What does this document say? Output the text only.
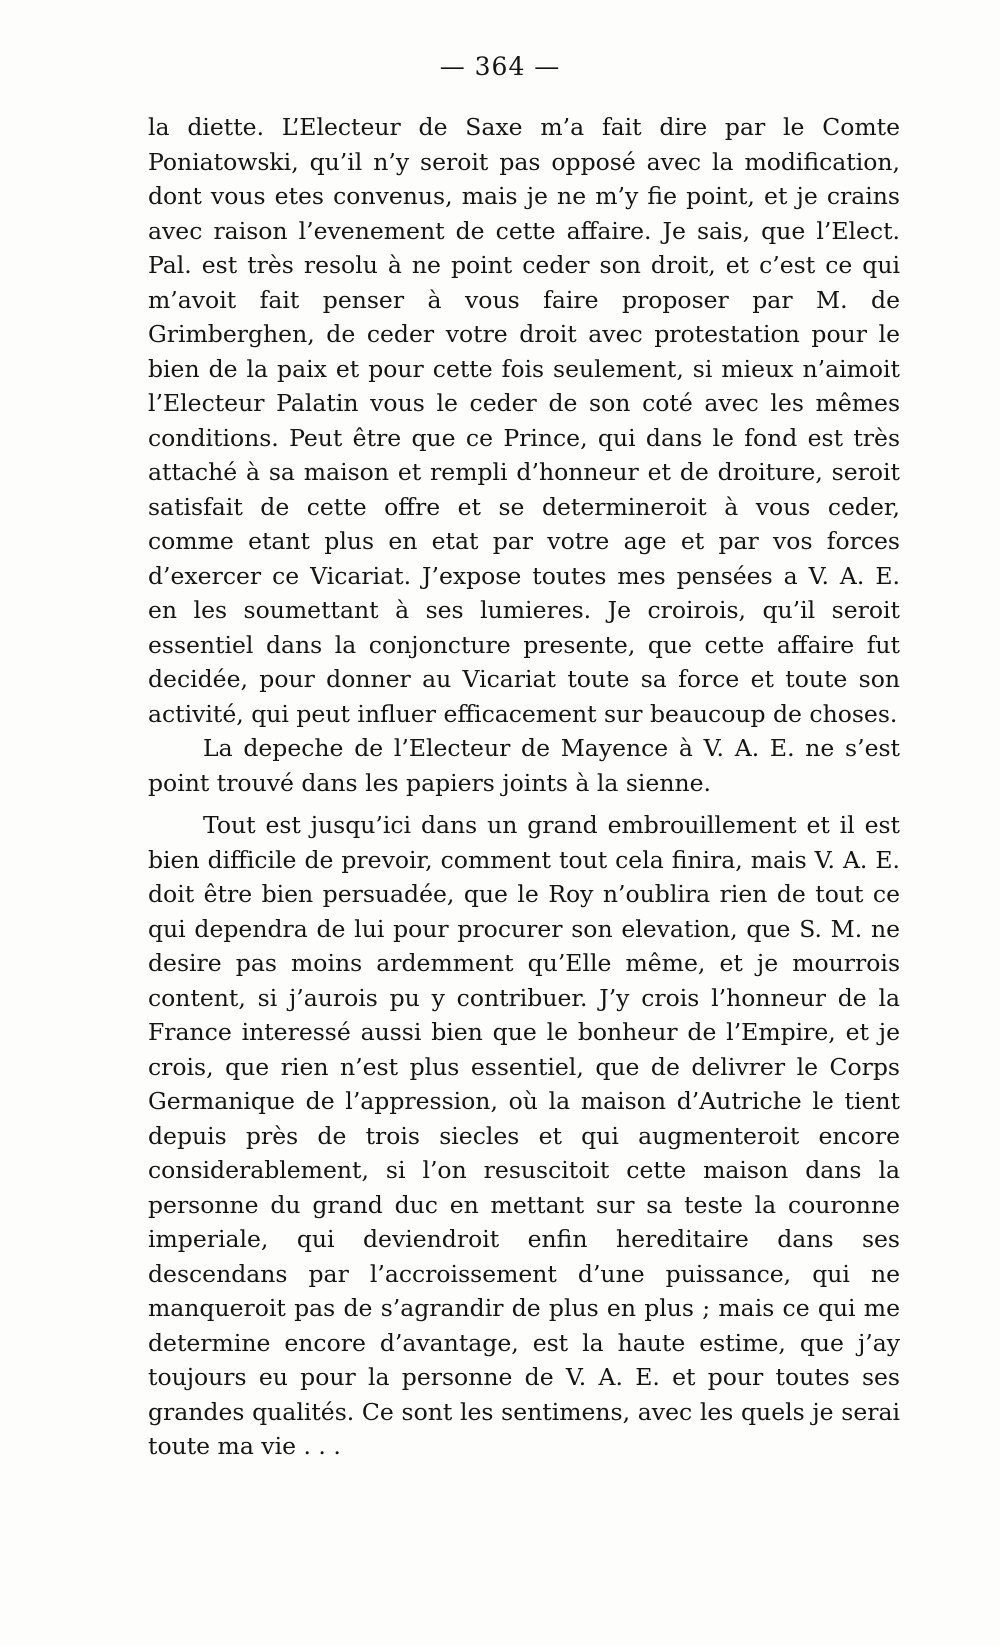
— 364 —

la diette. L’Electeur de Saxe m’a fait dire par le Comte Poniatowski, qu’il n’y seroit pas opposé avec la modification, dont vous etes convenus, mais je ne m’y fie point, et je crains avec raison l’evenement de cette affaire. Je sais, que l’Elect. Pal. est très resolu à ne point ceder son droit, et c’est ce qui m’avoit fait penser à vous faire proposer par M. de Grimberghen, de ceder votre droit avec protestation pour le bien de la paix et pour cette fois seulement, si mieux n’aimoit l’Electeur Palatin vous le ceder de son coté avec les mêmes conditions. Peut être que ce Prince, qui dans le fond est très attaché à sa maison et rempli d’honneur et de droiture, seroit satisfait de cette offre et se determineroit à vous ceder, comme etant plus en etat par votre age et par vos forces d’exercer ce Vicariat. J’expose toutes mes pensées a V. A. E. en les soumettant à ses lumieres. Je croirois, qu’il seroit essentiel dans la conjoncture presente, que cette affaire fut decidée, pour donner au Vicariat toute sa force et toute son activité, qui peut influer efficacement sur beaucoup de choses.

La depeche de l’Electeur de Mayence à V. A. E. ne s’est point trouvé dans les papiers joints à la sienne.

Tout est jusqu’ici dans un grand embrouillement et il est bien difficile de prevoir, comment tout cela finira, mais V. A. E. doit être bien persuadée, que le Roy n’oublira rien de tout ce qui dependra de lui pour procurer son elevation, que S. M. ne desire pas moins ardemment qu’Elle même, et je mourrois content, si j’aurois pu y contribuer. J’y crois l’honneur de la France interessé aussi bien que le bonheur de l’Empire, et je crois, que rien n’est plus essentiel, que de delivrer le Corps Germanique de l’appression, où la maison d’Autriche le tient depuis près de trois siecles et qui augmenteroit encore considerablement, si l’on resuscitoit cette maison dans la personne du grand duc en mettant sur sa teste la couronne imperiale, qui deviendroit enfin hereditaire dans ses descendans par l’accroissement d’une puissance, qui ne manqueroit pas de s’agrandir de plus en plus ; mais ce qui me determine encore d’avantage, est la haute estime, que j’ay toujours eu pour la personne de V. A. E. et pour toutes ses grandes qualités. Ce sont les sentimens, avec les quels je serai toute ma vie . . .
